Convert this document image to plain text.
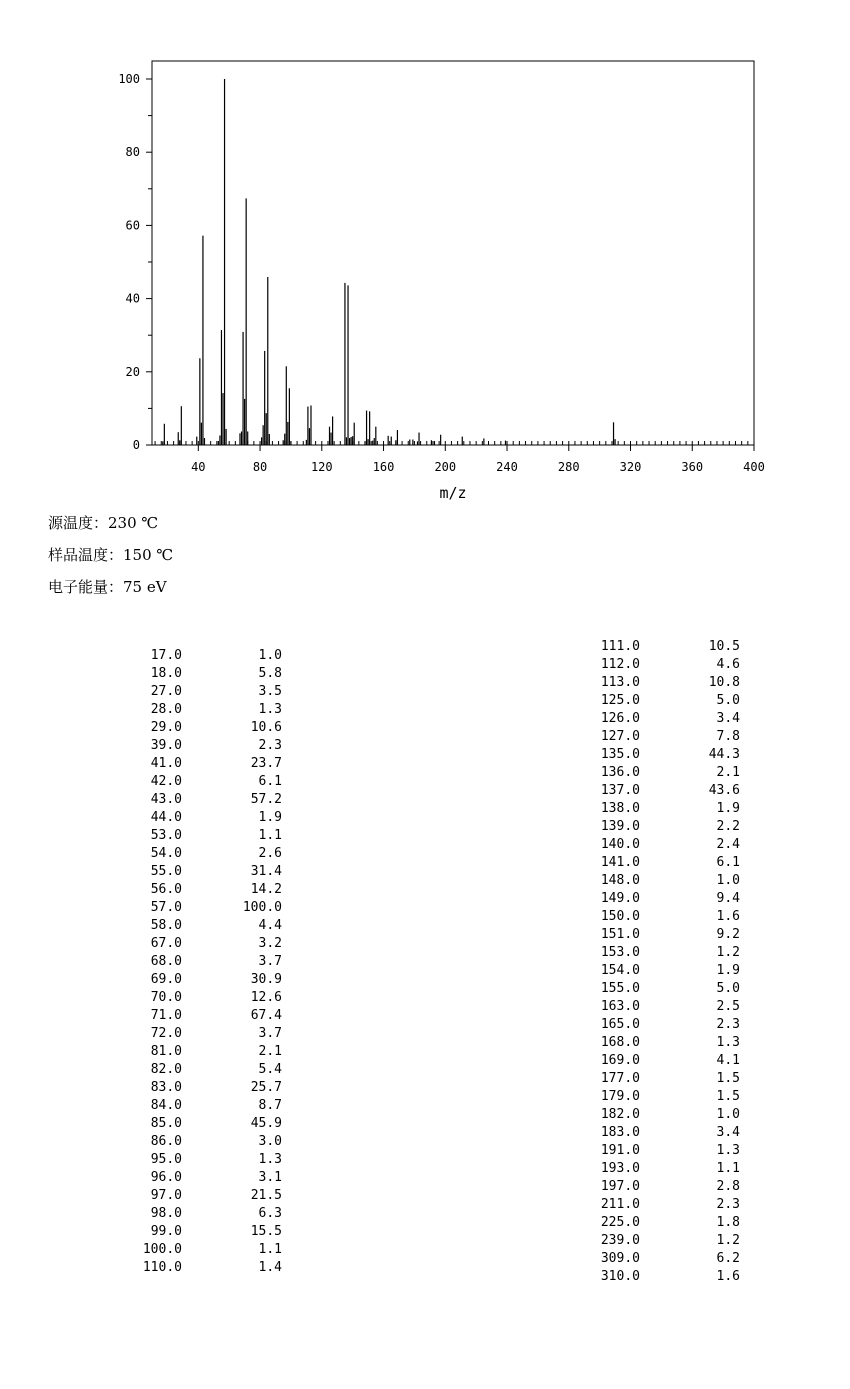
0
20
40
60
80
100
40	80	120	160	200	240	280	320	360	400
m/z
源温度：230 ℃
样品温度：150 ℃
电子能量：75 eV
17.0	1.0
18.0	5.8
27.0	3.5
28.0	1.3
29.0	10.6
39.0	2.3
41.0	23.7
42.0	6.1
43.0	57.2
44.0	1.9
53.0	1.1
54.0	2.6
55.0	31.4
56.0	14.2
57.0	100.0
58.0	4.4
67.0	3.2
68.0	3.7
69.0	30.9
70.0	12.6
71.0	67.4
72.0	3.7
81.0	2.1
82.0	5.4
83.0	25.7
84.0	8.7
85.0	45.9
86.0	3.0
95.0	1.3
96.0	3.1
97.0	21.5
98.0	6.3
99.0	15.5
100.0	1.1
110.0	1.4
111.0	10.5
112.0	4.6
113.0	10.8
125.0	5.0
126.0	3.4
127.0	7.8
135.0	44.3
136.0	2.1
137.0	43.6
138.0	1.9
139.0	2.2
140.0	2.4
141.0	6.1
148.0	1.0
149.0	9.4
150.0	1.6
151.0	9.2
153.0	1.2
154.0	1.9
155.0	5.0
163.0	2.5
165.0	2.3
168.0	1.3
169.0	4.1
177.0	1.5
179.0	1.5
182.0	1.0
183.0	3.4
191.0	1.3
193.0	1.1
197.0	2.8
211.0	2.3
225.0	1.8
239.0	1.2
309.0	6.2
310.0	1.6
